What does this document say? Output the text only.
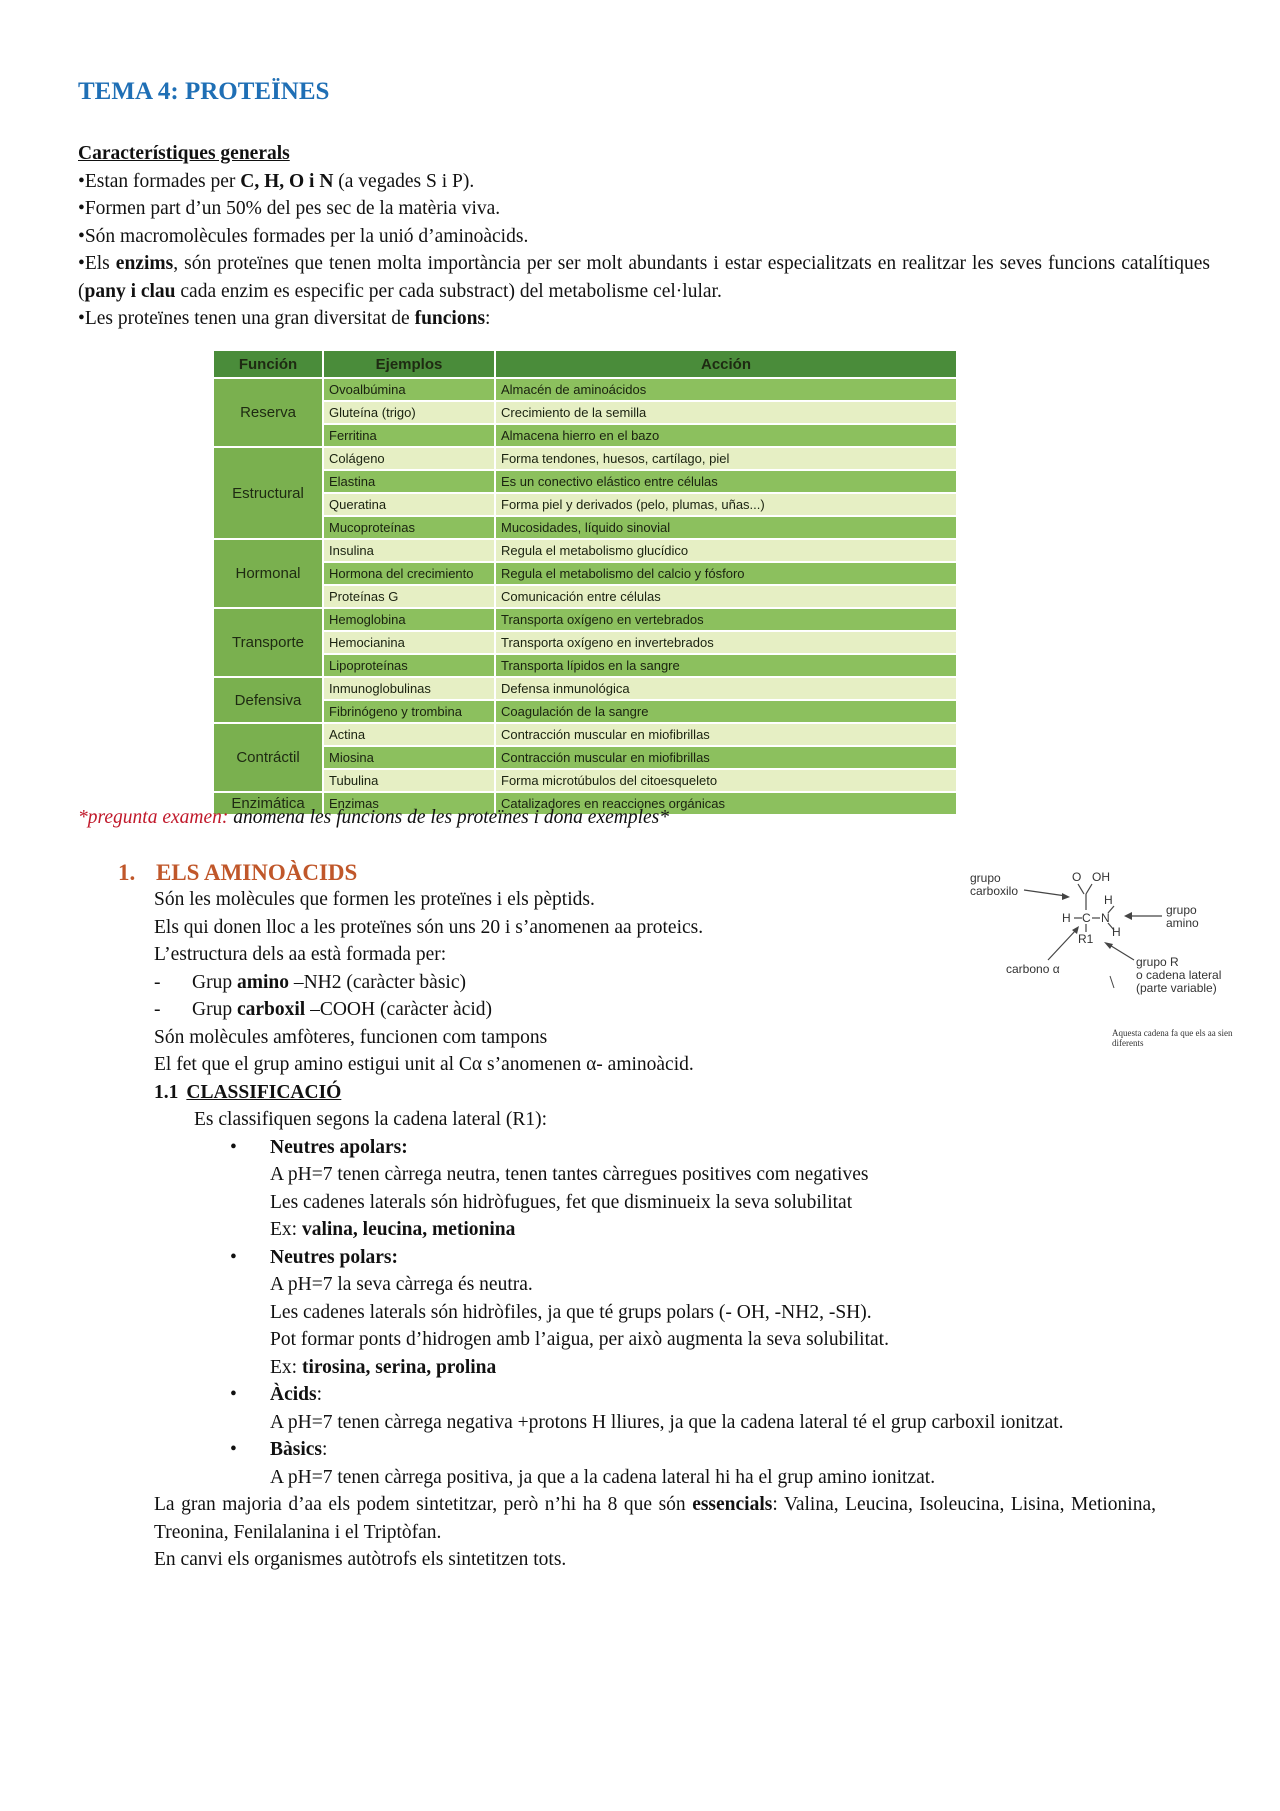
TEMA 4: PROTEÏNES

Característiques generals

•Estan formades per C, H, O i N (a vegades S i P).

•Formen part d’un 50% del pes sec de la matèria viva.

•Són macromolècules formades per la unió d’aminoàcids.

•Els enzims, són proteïnes que tenen molta importància per ser molt abundants i estar especialitzats en realitzar les seves funcions catalítiques (pany i clau cada enzim es especific per cada substract) del metabolisme cel·lular.

•Les proteïnes tenen una gran diversitat de funcions:

Función	Ejemplos	Acción
Reserva	Ovoalbúmina	Almacén de aminoácidos
	Gluteína (trigo)	Crecimiento de la semilla
	Ferritina	Almacena hierro en el bazo
Estructural	Colágeno	Forma tendones, huesos, cartílago, piel
	Elastina	Es un conectivo elástico entre células
	Queratina	Forma piel y derivados (pelo, plumas, uñas...)
	Mucoproteínas	Mucosidades, líquido sinovial
Hormonal	Insulina	Regula el metabolismo glucídico
	Hormona del crecimiento	Regula el metabolismo del calcio y fósforo
	Proteínas G	Comunicación entre células
Transporte	Hemoglobina	Transporta oxígeno en vertebrados
	Hemocianina	Transporta oxígeno en invertebrados
	Lipoproteínas	Transporta lípidos en la sangre
Defensiva	Inmunoglobulinas	Defensa inmunológica
	Fibrinógeno y trombina	Coagulación de la sangre
Contráctil	Actina	Contracción muscular en miofibrillas
	Miosina	Contracción muscular en miofibrillas
	Tubulina	Forma microtúbulos del citoesqueleto
Enzimática	Enzimas	Catalizadores en reacciones orgánicas
*pregunta examen: anomena les funcions de les proteïnes i dona exemples*
1. ELS AMINOÀCIDS

Són les molècules que formen les proteïnes i els pèptids.

Els qui donen lloc a les proteïnes són uns 20 i s’anomenen aa proteics.

L’estructura dels aa està formada per:

- Grup amino –NH2 (caràcter bàsic)

- Grup carboxil –COOH (caràcter àcid)

Són molècules amfòteres, funcionen com tampons

El fet que el grup amino estigui unit al Cα s’anomenen α- aminoàcid.

1.1 CLASSIFICACIÓ

Es classifiquen segons la cadena lateral (R1):

• Neutres apolars:

A pH=7 tenen càrrega neutra, tenen tantes càrregues positives com negatives

Les cadenes laterals són hidròfugues, fet que disminueix la seva solubilitat

Ex: valina, leucina, metionina

• Neutres polars:

A pH=7 la seva càrrega és neutra.

Les cadenes laterals són hidròfiles, ja que té grups polars (- OH, -NH2, -SH).

Pot formar ponts d’hidrogen amb l’aigua, per això augmenta la seva solubilitat.

Ex: tirosina, serina, prolina

• Àcids:

A pH=7 tenen càrrega negativa +protons H lliures, ja que la cadena lateral té el grup carboxil ionitzat.

• Bàsics:

A pH=7 tenen càrrega positiva, ja que a la cadena lateral hi ha el grup amino ionitzat.

La gran majoria d’aa els podem sintetitzar, però n’hi ha 8 que són essencials: Valina, Leucina, Isoleucina, Lisina, Metionina, Treonina, Fenilalanina i el Triptòfan.

En canvi els organismes autòtrofs els sintetitzen tots.

grupo
carboxilo
O OH
H
H C N
H
R1
grupo
amino
carbono α	grupo R
o cadena lateral
(parte variable)
Aquesta cadena fa que els aa sien
diferents
